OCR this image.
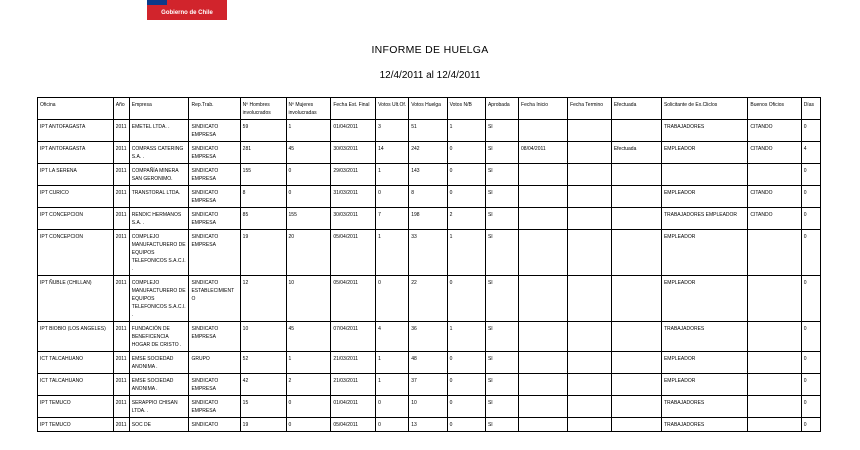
Gobierno de Chile
INFORME DE HUELGA
12/4/2011 al 12/4/2011
Oficina	Año	Empresa	Rep.Trab.	Nº Hombres involucrados	Nº Mujeres involucradas	Fecha Est. Final	Votos Ult.Of.	Votos Huelga	Votos N/B	Aprobada	Fecha Inicio	Fecha Termino	Efectuada	Solicitante de Ex.Cliclos	Buenos Oficios	Días
IPT ANTOFAGASTA	2011	EMETEL LTDA. .	SINDICATO EMPRESA	59	1	01/04/2011	3	51	1	SI				TRABAJADORES	CITANDO	0
IPT ANTOFAGASTA	2011	COMPASS CATERING S.A. .	SINDICATO EMPRESA	281	45	30/03/2011	14	242	0	SI	08/04/2011		Efectuada	EMPLEADOR	CITANDO	4
IPT LA SERENA	2011	COMPAÑÍA MINERA SAN GERONIMO.	SINDICATO EMPRESA	155	0	29/03/2011	1	143	0	SI						0
IPT CURICO	2011	TRANSTORAL LTDA.	SINDICATO EMPRESA	8	0	31/03/2011	0	8	0	SI				EMPLEADOR	CITANDO	0
IPT CONCEPCION	2011	RENDIC HERMANOS S.A. .	SINDICATO EMPRESA	85	155	30/03/2011	7	198	2	SI				TRABAJADORES EMPLEADOR	CITANDO	0
IPT CONCEPCION	2011	COMPLEJO MANUFACTURERO DE EQUIPOS TELEFONICOS S.A.C.I. .	SINDICATO EMPRESA	19	20	05/04/2011	1	33	1	SI				EMPLEADOR		0
IPT ÑUBLE (CHILLAN)	2011	COMPLEJO MANUFACTURERO DE EQUIPOS TELEFONICOS S.A.C.I. .	SINDICATO ESTABLECIMIENTO	12	10	05/04/2011	0	22	0	SI				EMPLEADOR		0
IPT BIOBIO (LOS ANGELES)	2011	FUNDACIÓN DE BENEFICENCIA HOGAR DE CRISTO .	SINDICATO EMPRESA	10	45	07/04/2011	4	36	1	SI				TRABAJADORES		0
ICT TALCAHUANO	2011	EMSE SOCIEDAD ANONIMA .	GRUPO	52	1	21/03/2011	1	48	0	SI				EMPLEADOR		0
ICT TALCAHUANO	2011	EMSE SOCIEDAD ANONIMA .	SINDICATO EMPRESA	42	2	21/03/2011	1	37	0	SI				EMPLEADOR		0
IPT TEMUCO	2011	SERAPPIO CHISAN LTDA. .	SINDICATO EMPRESA	15	0	01/04/2011	0	10	0	SI				TRABAJADORES		0
IPT TEMUCO	2011	SOC DE	SINDICATO	19	0	05/04/2011	0	13	0	SI				TRABAJADORES		0
